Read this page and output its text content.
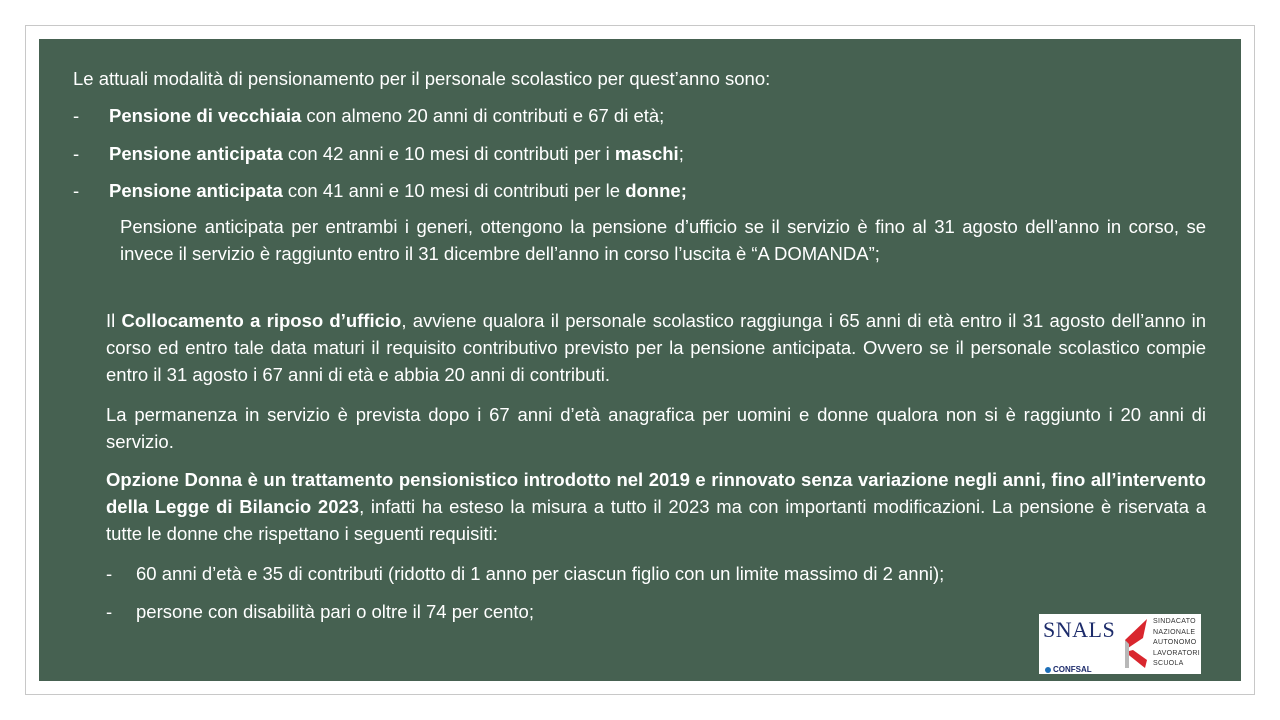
Le attuali modalità di pensionamento per il personale scolastico per quest’anno sono:
- Pensione di vecchiaia con almeno 20 anni di contributi e 67 di età;
- Pensione anticipata con 42 anni e 10 mesi di contributi per i maschi;
- Pensione anticipata con 41 anni e 10 mesi di contributi per le donne;
Pensione anticipata per entrambi i generi, ottengono la pensione d’ufficio se il servizio è fino al 31 agosto dell’anno in corso, se invece il servizio è raggiunto entro il 31 dicembre dell’anno in corso l’uscita è “A DOMANDA”;
Il Collocamento a riposo d’ufficio, avviene qualora il personale scolastico raggiunga i 65 anni di età entro il 31 agosto dell’anno in corso ed entro tale data maturi il requisito contributivo previsto per la pensione anticipata. Ovvero se il personale scolastico compie entro il 31 agosto i 67 anni di età e abbia 20 anni di contributi.
La permanenza in servizio è prevista dopo i 67 anni d’età anagrafica per uomini e donne qualora non si è raggiunto i 20 anni di servizio.
Opzione Donna è un trattamento pensionistico introdotto nel 2019 e rinnovato senza variazione negli anni, fino all’intervento della Legge di Bilancio 2023, infatti ha esteso la misura a tutto il 2023 ma con importanti modificazioni. La pensione è riservata a tutte le donne che rispettano i seguenti requisiti:
- 60 anni d’età e 35 di contributi (ridotto di 1 anno per ciascun figlio con un limite massimo di 2 anni);
- persone con disabilità pari o oltre il 74 per cento;
SNALS
CONFSAL
SINDACATO
NAZIONALE
AUTONOMO
LAVORATORI
SCUOLA
